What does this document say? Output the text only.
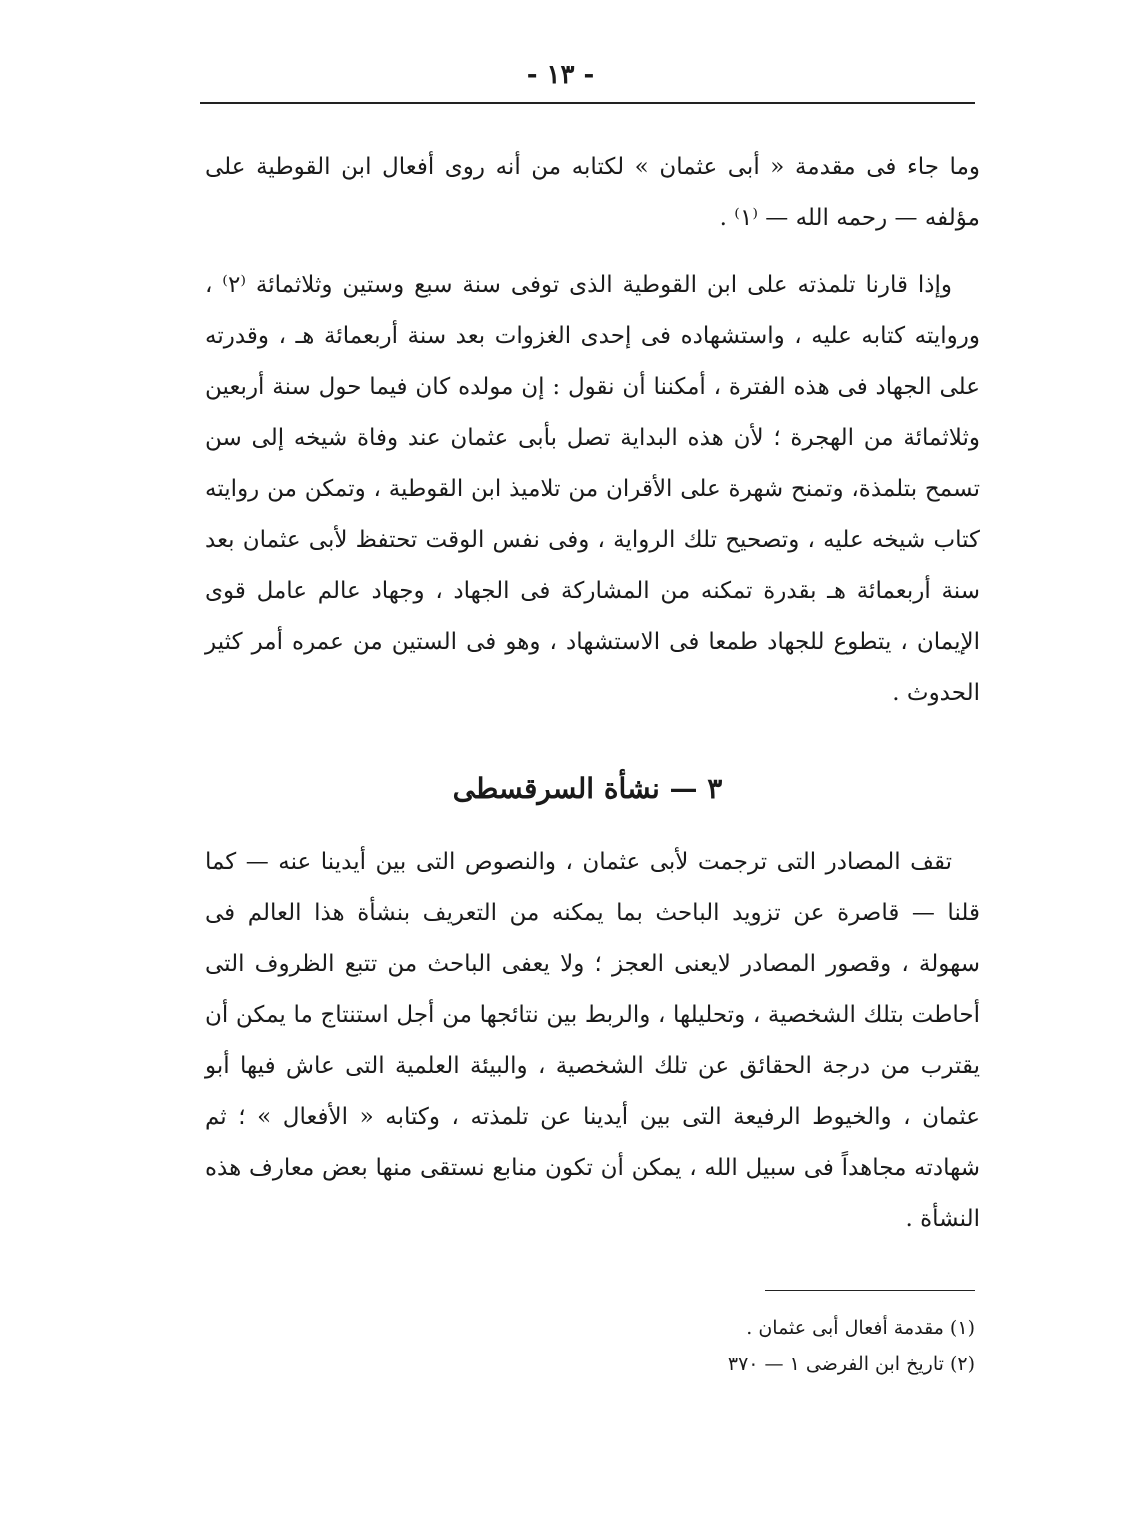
- ١٣ -

وما جاء فى مقدمة « أبى عثمان » لكتابه من أنه روى أفعال ابن القوطية على مؤلفه — رحمه الله — ⁽١⁾ .

وإذا قارنا تلمذته على ابن القوطية الذى توفى سنة سبع وستين وثلاثمائة ⁽٢⁾ ، وروايته كتابه عليه ، واستشهاده فى إحدى الغزوات بعد سنة أربعمائة هـ ، وقدرته على الجهاد فى هذه الفترة ، أمكننا أن نقول : إن مولده كان فيما حول سنة أربعين وثلاثمائة من الهجرة ؛ لأن هذه البداية تصل بأبى عثمان عند وفاة شيخه إلى سن تسمح بتلمذة، وتمنح شهرة على الأقران من تلاميذ ابن القوطية ، وتمكن من روايته كتاب شيخه عليه ، وتصحيح تلك الرواية ، وفى نفس الوقت تحتفظ لأبى عثمان بعد سنة أربعمائة هـ بقدرة تمكنه من المشاركة فى الجهاد ، وجهاد عالم عامل قوى الإيمان ، يتطوع للجهاد طمعا فى الاستشهاد ، وهو فى الستين من عمره أمر كثير الحدوث .

٣ — نشأة السرقسطى

تقف المصادر التى ترجمت لأبى عثمان ، والنصوص التى بين أيدينا عنه — كما قلنا — قاصرة عن تزويد الباحث بما يمكنه من التعريف بنشأة هذا العالم فى سهولة ، وقصور المصادر لايعنى العجز ؛ ولا يعفى الباحث من تتبع الظروف التى أحاطت بتلك الشخصية ، وتحليلها ، والربط بين نتائجها من أجل استنتاج ما يمكن أن يقترب من درجة الحقائق عن تلك الشخصية ، والبيئة العلمية التى عاش فيها أبو عثمان ، والخيوط الرفيعة التى بين أيدينا عن تلمذته ، وكتابه « الأفعال » ؛ ثم شهادته مجاهداً فى سبيل الله ، يمكن أن تكون منابع نستقى منها بعض معارف هذه النشأة .

(١) مقدمة أفعال أبى عثمان .
(٢) تاريخ ابن الفرضى ١ — ٣٧٠
